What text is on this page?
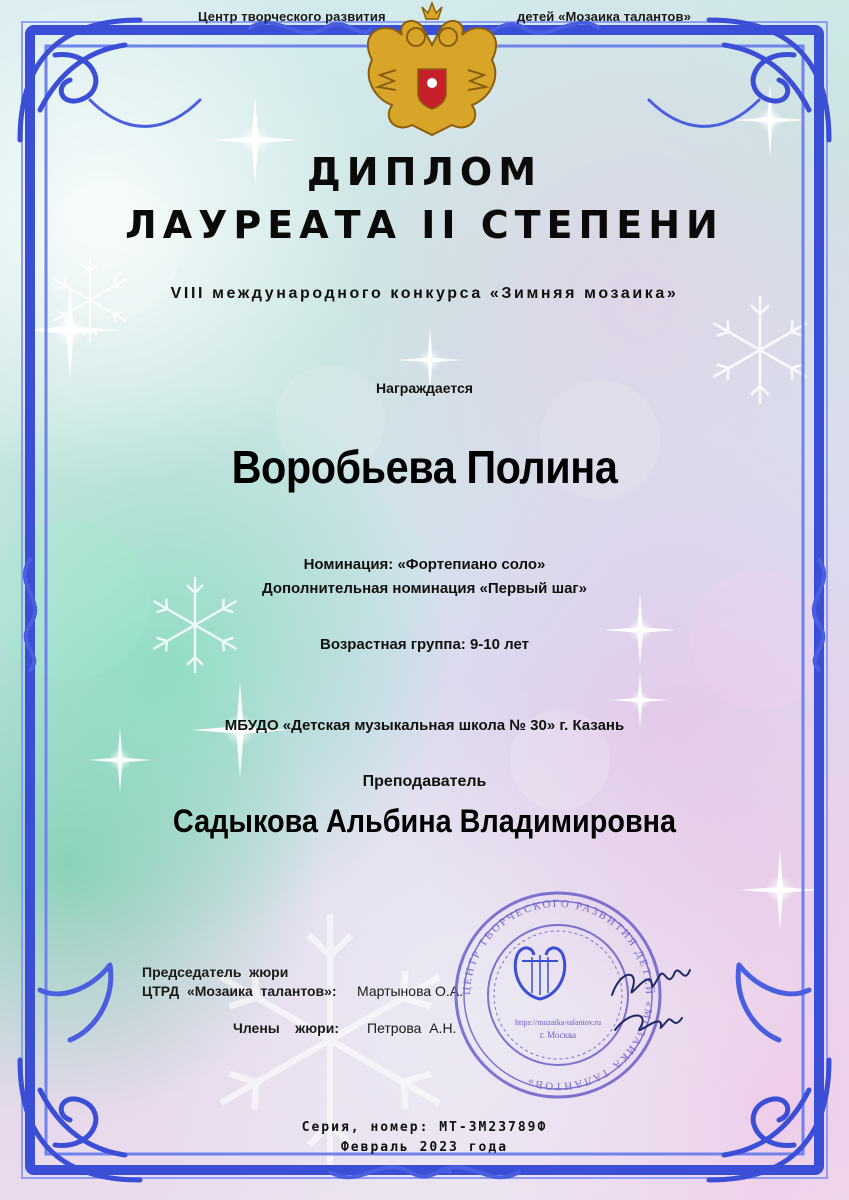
Центр творческого развития	детей «Мозаика талантов»
ДИПЛОМ
ЛАУРЕАТА II СТЕПЕНИ
VIII международного конкурса «Зимняя мозаика»
Награждается
Воробьева Полина
Номинация: «Фортепиано соло»
Дополнительная номинация «Первый шаг»
Возрастная группа: 9-10 лет
МБУДО «Детская музыкальная школа № 30» г. Казань
Преподаватель
Садыкова Альбина Владимировна
Председатель  жюри
ЦТРД  «Мозаика  талантов»: Мартынова О.А.
Члены    жюри: Петрова  А.Н.
ЦЕНТР ТВОРЧЕСКОГО РАЗВИТИЯ ДЕТЕЙ «МОЗАИКА ТАЛАНТОВ»
https://mozaika-talantov.ru
г. Москва
Серия, номер: МТ-3М23789Ф
Февраль 2023 года
